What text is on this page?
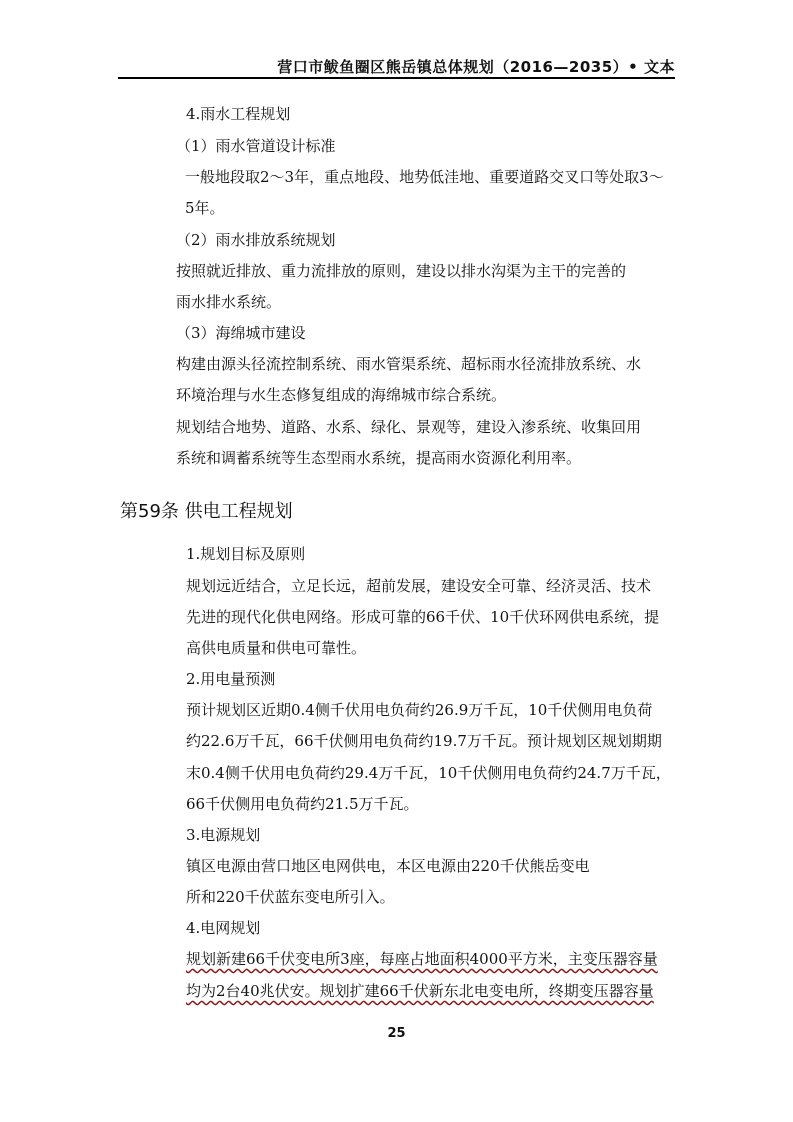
营口市鲅鱼圈区熊岳镇总体规划（2016—2035）• 文本
4.雨水工程规划
（1）雨水管道设计标准
一般地段取2～3年，重点地段、地势低洼地、重要道路交叉口等处取3～
5年。
（2）雨水排放系统规划
按照就近排放、重力流排放的原则，建设以排水沟渠为主干的完善的
雨水排水系统。
（3）海绵城市建设
构建由源头径流控制系统、雨水管渠系统、超标雨水径流排放系统、水
环境治理与水生态修复组成的海绵城市综合系统。
规划结合地势、道路、水系、绿化、景观等，建设入渗系统、收集回用
系统和调蓄系统等生态型雨水系统，提高雨水资源化利用率。
第59条 供电工程规划
1.规划目标及原则
规划远近结合，立足长远，超前发展，建设安全可靠、经济灵活、技术
先进的现代化供电网络。形成可靠的66千伏、10千伏环网供电系统，提
高供电质量和供电可靠性。
2.用电量预测
预计规划区近期0.4侧千伏用电负荷约26.9万千瓦，10千伏侧用电负荷
约22.6万千瓦，66千伏侧用电负荷约19.7万千瓦。预计规划区规划期期
末0.4侧千伏用电负荷约29.4万千瓦，10千伏侧用电负荷约24.7万千瓦，
66千伏侧用电负荷约21.5万千瓦。
3.电源规划
镇区电源由营口地区电网供电，本区电源由220千伏熊岳变电
所和220千伏蓝东变电所引入。
4.电网规划
规划新建66千伏变电所3座，每座占地面积4000平方米，主变压器容量
均为2台40兆伏安。规划扩建66千伏新东北电变电所，终期变压器容量
25
